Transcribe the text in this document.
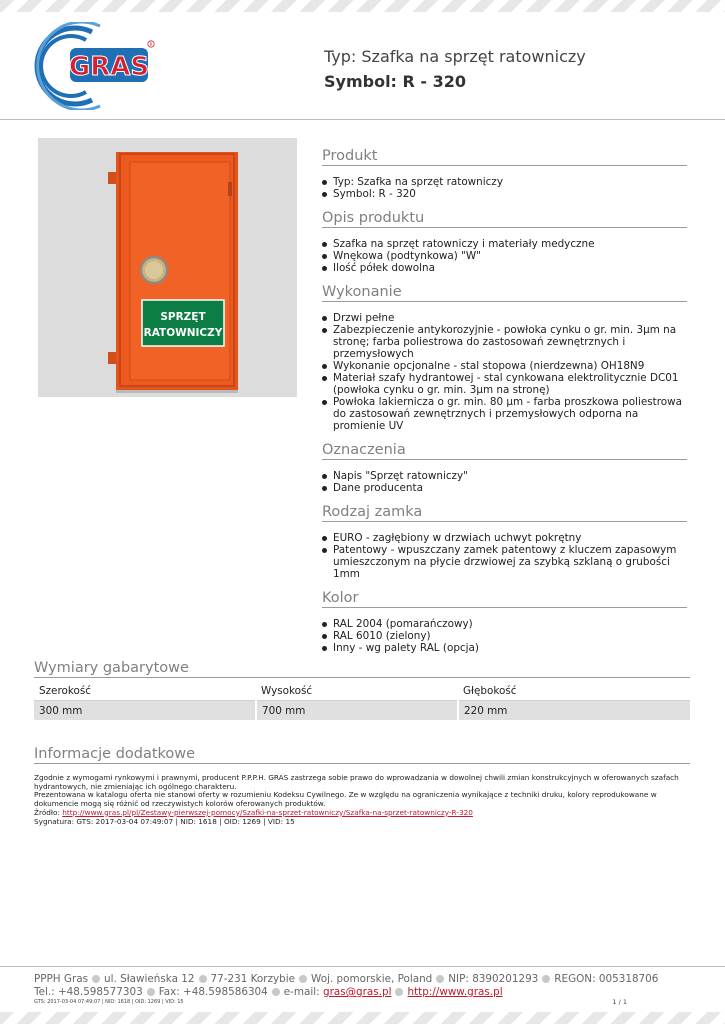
GRAS
R
Typ: Szafka na sprzęt ratowniczy
Symbol: R - 320
SPRZĘT
RATOWNICZY
Produkt
Typ: Szafka na sprzęt ratowniczy
Symbol: R - 320
Opis produktu
Szafka na sprzęt ratowniczy i materiały medyczne
Wnękowa (podtynkowa) "W"
Ilość półek dowolna
Wykonanie
Drzwi pełne
Zabezpieczenie antykorozyjnie - powłoka cynku o gr. min. 3µm na stronę; farba poliestrowa do zastosowań zewnętrznych i przemysłowych
Wykonanie opcjonalne - stal stopowa (nierdzewna) OH18N9
Materiał szafy hydrantowej - stal cynkowana elektrolitycznie DC01 (powłoka cynku o gr. min. 3µm na stronę)
Powłoka lakiernicza o gr. min. 80 µm - farba proszkowa poliestrowa do zastosowań zewnętrznych i przemysłowych odporna na promienie UV
Oznaczenia
Napis "Sprzęt ratowniczy"
Dane producenta
Rodzaj zamka
EURO - zagłębiony w drzwiach uchwyt pokrętny
Patentowy - wpuszczany zamek patentowy z kluczem zapasowym umieszczonym na płycie drzwiowej za szybką szklaną o grubości 1mm
Kolor
RAL 2004 (pomarańczowy)
RAL 6010 (zielony)
Inny - wg palety RAL (opcja)
Wymiary gabarytowe
Szerokość	Wysokość	Głębokość
300 mm	700 mm	220 mm
Informacje dodatkowe

Zgodnie z wymogami rynkowymi i prawnymi, producent P.P.P.H. GRAS zastrzega sobie prawo do wprowadzania w dowolnej chwili zmian konstrukcyjnych w oferowanych szafach hydrantowych, nie zmieniając ich ogólnego charakteru.

Prezentowana w katalogu oferta nie stanowi oferty w rozumieniu Kodeksu Cywilnego. Ze w względu na ograniczenia wynikające z techniki druku, kolory reprodukowane w dokumencie mogą się różnić od rzeczywistych kolorów oferowanych produktów.

Źródło: http://www.gras.pl/pl/Zestawy-pierwszej-pomocy/Szafki-na-sprzet-ratowniczy/Szafka-na-sprzet-ratowniczy-R-320

Sygnatura: GTS: 2017-03-04 07:49:07 | NID: 1618 | OID: 1269 | VID: 15

PPPH Gras ul. Sławieńska 12 77-231 Korzybie Woj. pomorskie, Poland NIP: 8390201293 REGON: 005318706
Tel.: +48.598577303 Fax: +48.598586304 e-mail: gras@gras.pl http://www.gras.pl
GTS: 2017-03-04 07:49:07 | NID: 1618 | OID: 1269 | VID: 15	1 / 1
